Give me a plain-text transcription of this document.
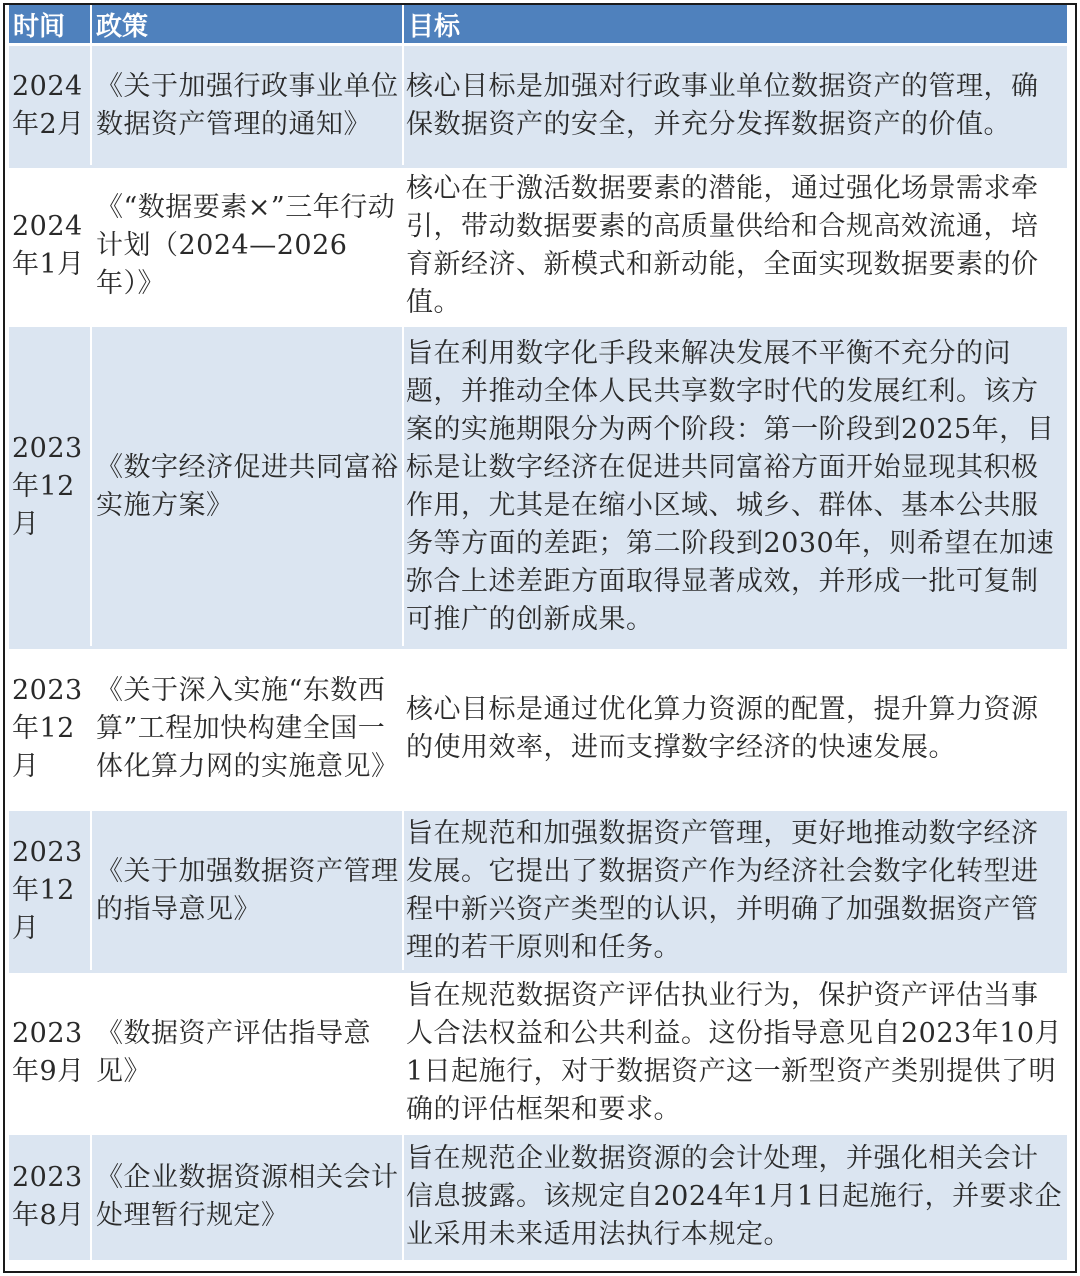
时间	政策	目标
2024年2月	《关于加强行政事业单位数据资产管理的通知》	核心目标是加强对行政事业单位数据资产的管理，确保数据资产的安全，并充分发挥数据资产的价值。
2024年1月	《“数据要素×”三年行动计划（2024—2026年）》	核心在于激活数据要素的潜能，通过强化场景需求牵引，带动数据要素的高质量供给和合规高效流通，培育新经济、新模式和新动能，全面实现数据要素的价值。
2023年12月	《数字经济促进共同富裕实施方案》	旨在利用数字化手段来解决发展不平衡不充分的问题，并推动全体人民共享数字时代的发展红利。该方案的实施期限分为两个阶段：第一阶段到2025年，目标是让数字经济在促进共同富裕方面开始显现其积极作用，尤其是在缩小区域、城乡、群体、基本公共服务等方面的差距；第二阶段到2030年，则希望在加速弥合上述差距方面取得显著成效，并形成一批可复制可推广的创新成果。
2023年12月	《关于深入实施“东数西算”工程加快构建全国一体化算力网的实施意见》	核心目标是通过优化算力资源的配置，提升算力资源的使用效率，进而支撑数字经济的快速发展。
2023年12月	《关于加强数据资产管理的指导意见》	旨在规范和加强数据资产管理，更好地推动数字经济发展。它提出了数据资产作为经济社会数字化转型进程中新兴资产类型的认识，并明确了加强数据资产管理的若干原则和任务。
2023年9月	《数据资产评估指导意见》	旨在规范数据资产评估执业行为，保护资产评估当事人合法权益和公共利益。这份指导意见自2023年10月1日起施行，对于数据资产这一新型资产类别提供了明确的评估框架和要求。
2023年8月	《企业数据资源相关会计处理暂行规定》	旨在规范企业数据资源的会计处理，并强化相关会计信息披露。该规定自2024年1月1日起施行，并要求企业采用未来适用法执行本规定。
